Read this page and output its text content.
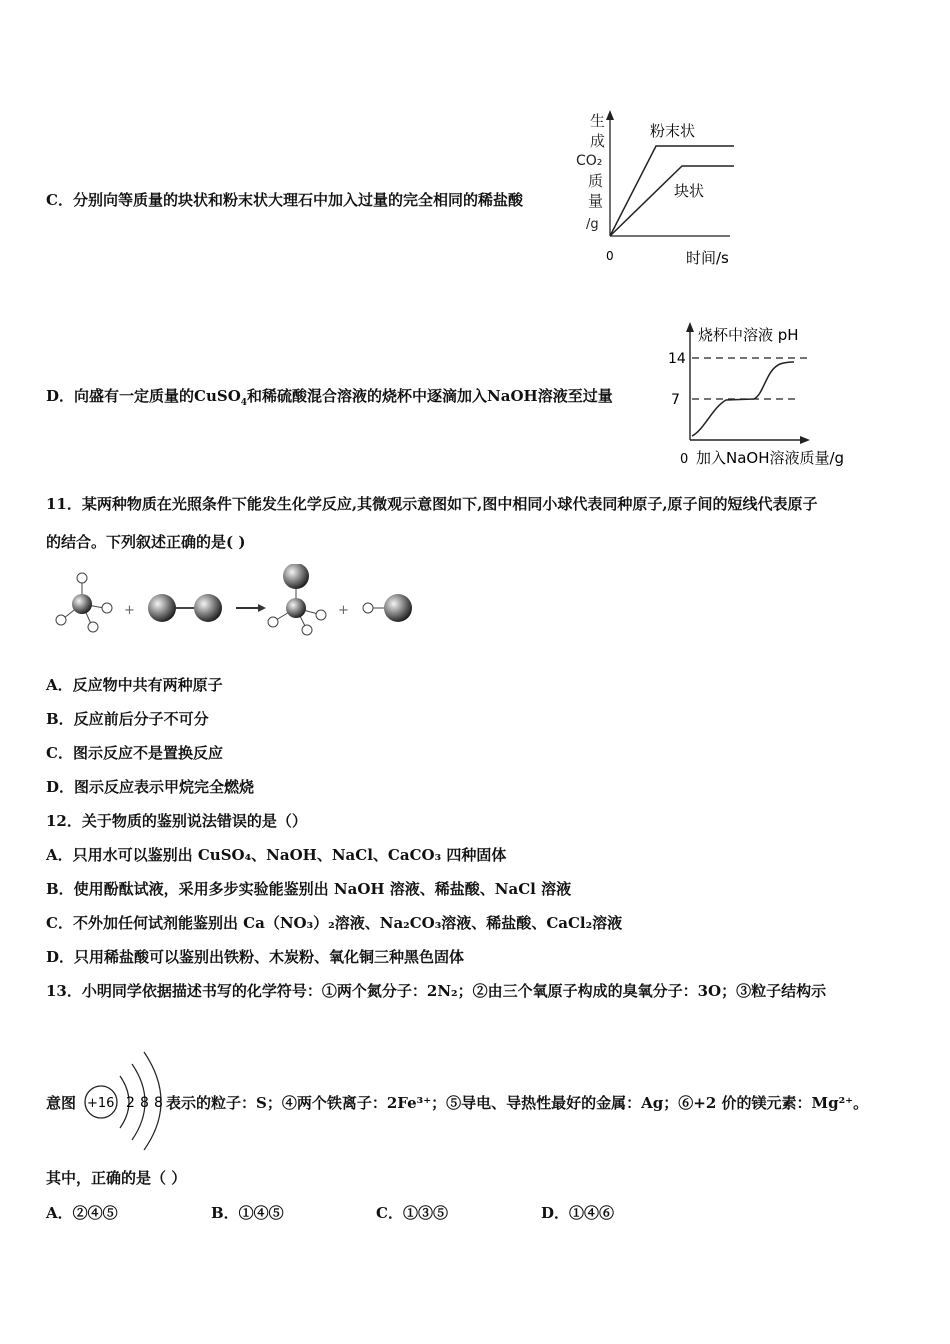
C．分别向等质量的块状和粉末状大理石中加入过量的完全相同的稀盐酸
生
成
CO₂
质
量
/g
粉末状
块状
0	时间/s
D．向盛有一定质量的CuSO$_4$和稀硫酸混合溶液的烧杯中逐滴加入NaOH溶液至过量
烧杯中溶液 pH
14
7
0 加入NaOH溶液质量/g
11．某两种物质在光照条件下能发生化学反应,其微观示意图如下,图中相同小球代表同种原子,原子间的短线代表原子
的结合。下列叙述正确的是( )
+	+
A．反应物中共有两种原子
B．反应前后分子不可分
C．图示反应不是置换反应
D．图示反应表示甲烷完全燃烧
12．关于物质的鉴别说法错误的是（）
A．只用水可以鉴别出 CuSO₄、NaOH、NaCl、CaCO₃ 四种固体
B．使用酚酞试液，采用多步实验能鉴别出 NaOH 溶液、稀盐酸、NaCl 溶液
C．不外加任何试剂能鉴别出 Ca（NO₃）₂溶液、Na₂CO₃溶液、稀盐酸、CaCl₂溶液
D．只用稀盐酸可以鉴别出铁粉、木炭粉、氧化铜三种黑色固体
13．小明同学依据描述书写的化学符号：①两个氮分子：2N₂；②由三个氧原子构成的臭氧分子：3O；③粒子结构示
意图 +16 2 8 8 表示的粒子：S；④两个铁离子：2Fe³⁺；⑤导电、导热性最好的金属：Ag；⑥+2 价的镁元素：Mg²⁺。
其中，正确的是（ ）
A．②④⑤	B．①④⑤	C．①③⑤	D．①④⑥
